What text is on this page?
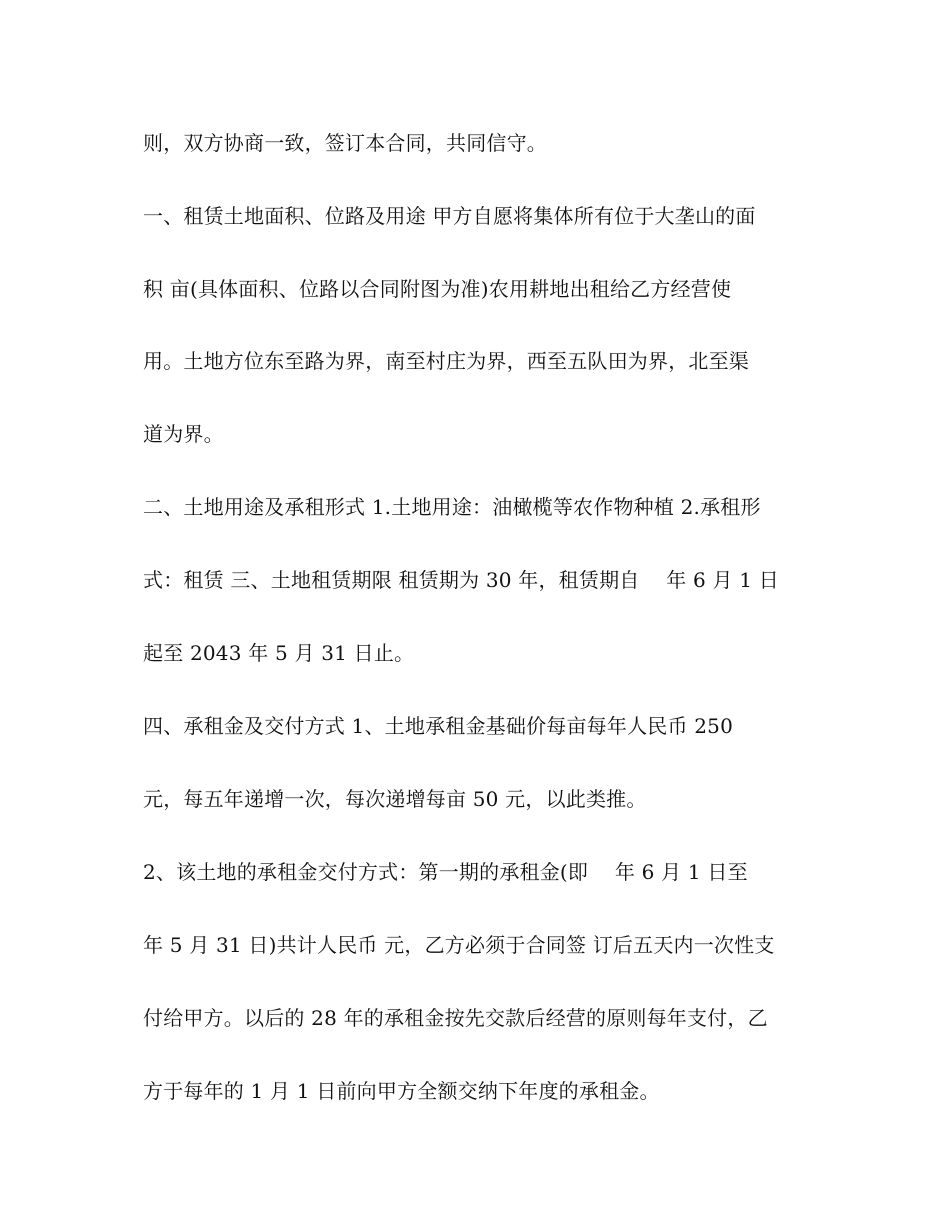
则，双方协商一致，签订本合同，共同信守。
一、租赁土地面积、位路及用途 甲方自愿将集体所有位于大垄山的面
积 亩(具体面积、位路以合同附图为准)农用耕地出租给乙方经营使
用。土地方位东至路为界，南至村庄为界，西至五队田为界，北至渠
道为界。
二、土地用途及承租形式 1.土地用途：油橄榄等农作物种植 2.承租形
式：租赁 三、土地租赁期限 租赁期为 30 年，租赁期自　 年 6 月 1 日
起至 2043 年 5 月 31 日止。
四、承租金及交付方式 1、土地承租金基础价每亩每年人民币 250
元，每五年递增一次，每次递增每亩 50 元，以此类推。
2、该土地的承租金交付方式：第一期的承租金(即　 年 6 月 1 日至
年 5 月 31 日)共计人民币 元，乙方必须于合同签 订后五天内一次性支
付给甲方。以后的 28 年的承租金按先交款后经营的原则每年支付，乙
方于每年的 1 月 1 日前向甲方全额交纳下年度的承租金。
